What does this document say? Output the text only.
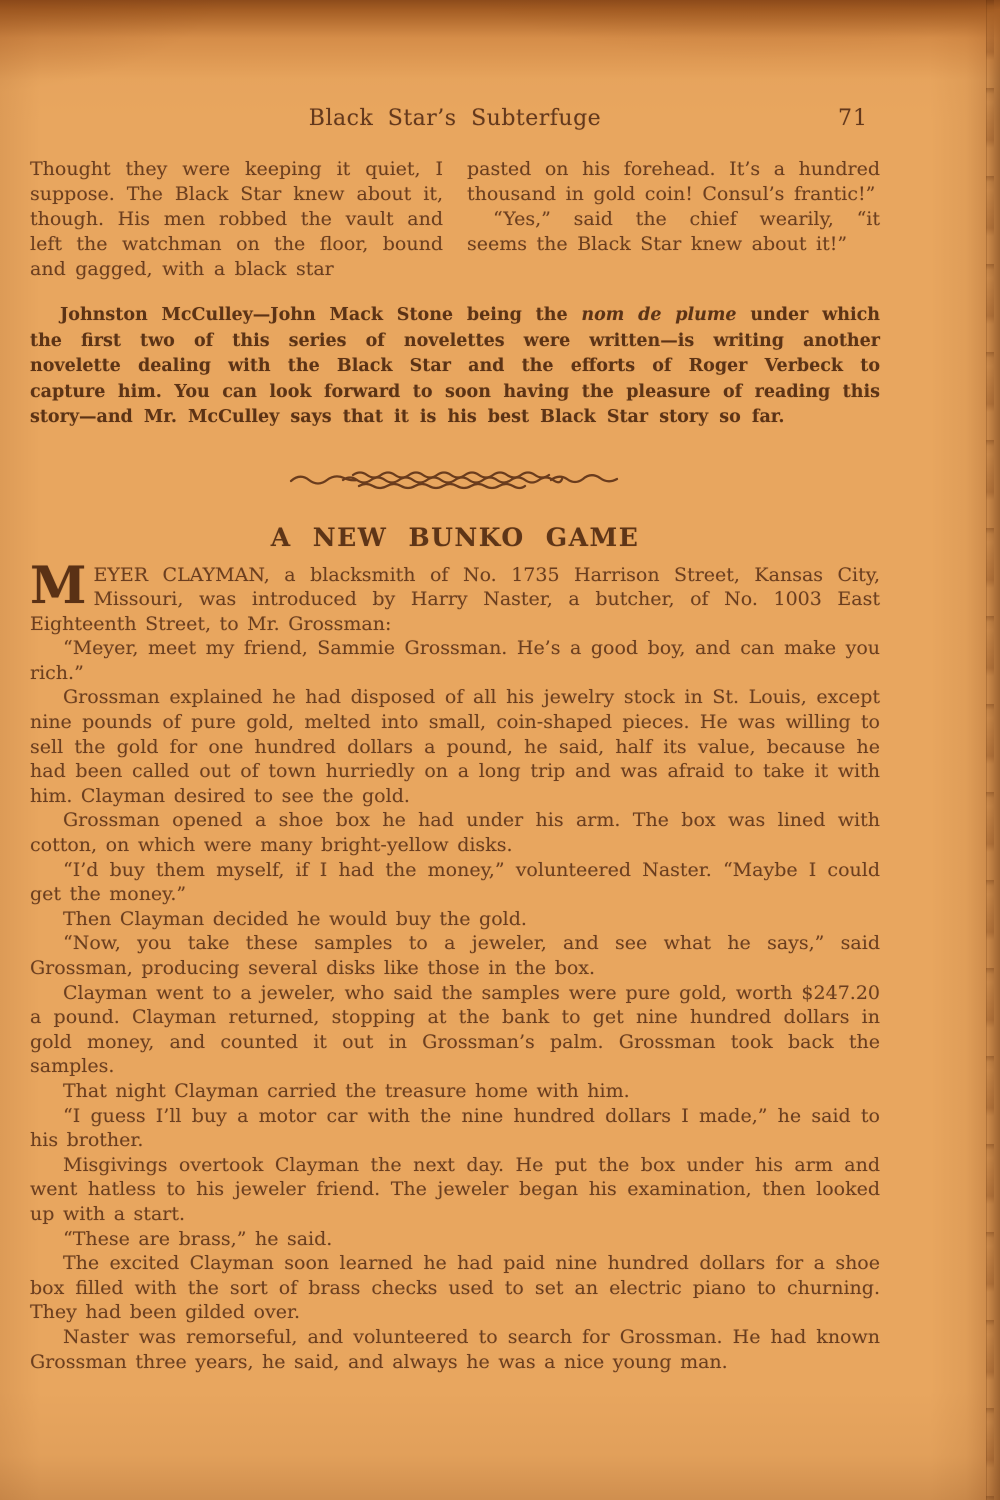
Black Star’s Subterfuge	71

Thought they were keeping it quiet, I suppose. The Black Star knew about it, though. His men robbed the vault and left the watchman on the floor, bound and gagged, with a black star

pasted on his forehead. It’s a hundred thousand in gold coin! Consul’s frantic!”

“Yes,” said the chief wearily, “it seems the Black Star knew about it!”

Johnston McCulley—John Mack Stone being the nom de plume under which the first two of this series of novelettes were written—is writing another novelette dealing with the Black Star and the efforts of Roger Verbeck to capture him. You can look forward to soon having the pleasure of reading this story—and Mr. McCulley says that it is his best Black Star story so far.

A NEW BUNKO GAME

MEYER CLAYMAN, a blacksmith of No. 1735 Harrison Street, Kansas City, Missouri, was introduced by Harry Naster, a butcher, of No. 1003 East Eighteenth Street, to Mr. Grossman:

“Meyer, meet my friend, Sammie Grossman. He’s a good boy, and can make you rich.”

Grossman explained he had disposed of all his jewelry stock in St. Louis, except nine pounds of pure gold, melted into small, coin-shaped pieces. He was willing to sell the gold for one hundred dollars a pound, he said, half its value, because he had been called out of town hurriedly on a long trip and was afraid to take it with him. Clayman desired to see the gold.

Grossman opened a shoe box he had under his arm. The box was lined with cotton, on which were many bright-yellow disks.

“I’d buy them myself, if I had the money,” volunteered Naster. “Maybe I could get the money.”

Then Clayman decided he would buy the gold.

“Now, you take these samples to a jeweler, and see what he says,” said Grossman, producing several disks like those in the box.

Clayman went to a jeweler, who said the samples were pure gold, worth $247.20 a pound. Clayman returned, stopping at the bank to get nine hundred dollars in gold money, and counted it out in Grossman’s palm. Grossman took back the samples.

That night Clayman carried the treasure home with him.

“I guess I’ll buy a motor car with the nine hundred dollars I made,” he said to his brother.

Misgivings overtook Clayman the next day. He put the box under his arm and went hatless to his jeweler friend. The jeweler began his examination, then looked up with a start.

“These are brass,” he said.

The excited Clayman soon learned he had paid nine hundred dollars for a shoe box filled with the sort of brass checks used to set an electric piano to churning. They had been gilded over.

Naster was remorseful, and volunteered to search for Grossman. He had known Grossman three years, he said, and always he was a nice young man.
